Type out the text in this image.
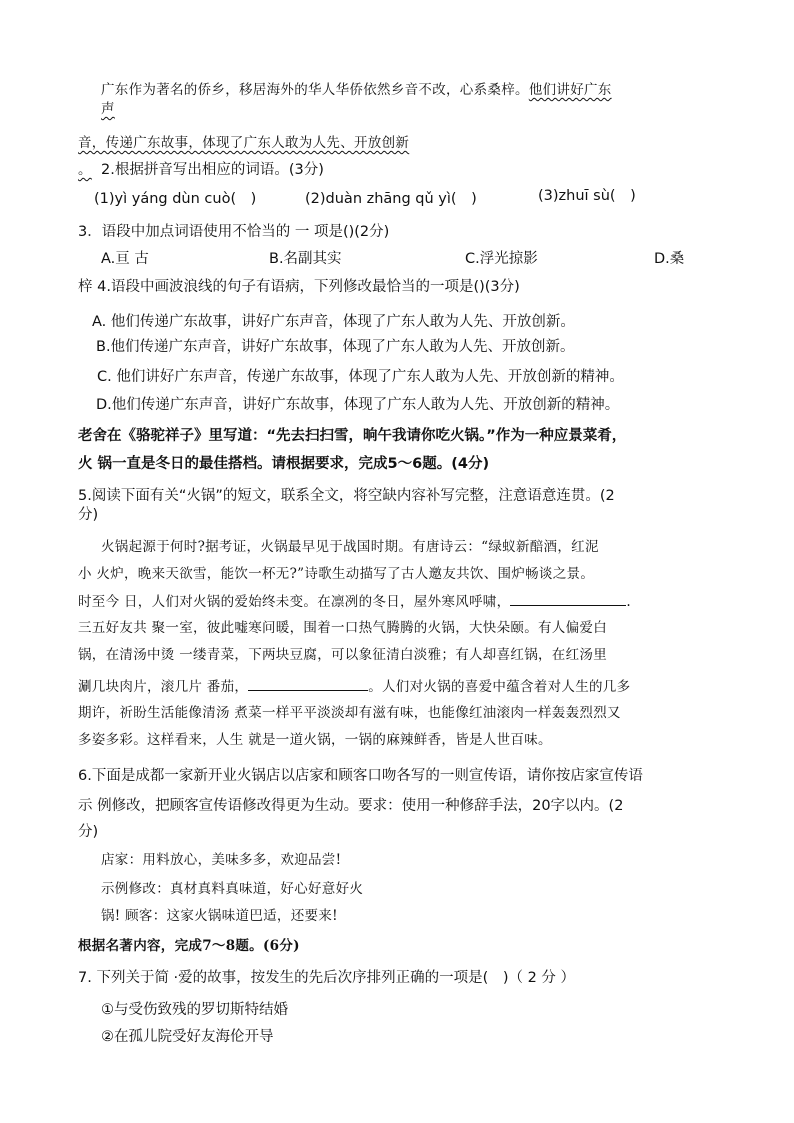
广东作为著名的侨乡，移居海外的华人华侨依然乡音不改，心系桑梓。他们讲好广东
声
音，传递广东故事，体现了广东人敢为人先、开放创新
。 2.根据拼音写出相应的词语。(3分)
(1)yì yáng dùn cuò(　)	(2)duàn zhāng qǔ yì(　)	(3)zhuī sù(　)
3．语段中加点词语使用不恰当的 一 项是()(2分)
A.亘 古	B.名副其实	C.浮光掠影	D.桑
梓 4.语段中画波浪线的句子有语病，下列修改最恰当的一项是()(3分)
A. 他们传递广东故事，讲好广东声音，体现了广东人敢为人先、开放创新。
B.他们传递广东声音，讲好广东故事，体现了广东人敢为人先、开放创新。
C. 他们讲好广东声音，传递广东故事，体现了广东人敢为人先、开放创新的精神。
D.他们传递广东声音，讲好广东故事，体现了广东人敢为人先、开放创新的精神。
老舍在《骆驼祥子》里写道：“先去扫扫雪，晌午我请你吃火锅。”作为一种应景菜肴，
火 锅一直是冬日的最佳搭档。请根据要求，完成5～6题。(4分)
5.阅读下面有关“火锅”的短文，联系全文，将空缺内容补写完整，注意语意连贯。(2
分)
火锅起源于何时?据考证，火锅最早见于战国时期。有唐诗云：“绿蚁新醅酒，红泥
小 火炉，晚来天欲雪，能饮一杯无?”诗歌生动描写了古人邀友共饮、围炉畅谈之景。
时至今 日，人们对火锅的爱始终未变。在凛冽的冬日，屋外寒风呼啸，	.
三五好友共 聚一室，彼此嘘寒问暖，围着一口热气腾腾的火锅，大快朵颐。有人偏爱白
锅，在清汤中烫 一缕青菜，下两块豆腐，可以象征清白淡雅；有人却喜红锅，在红汤里
涮几块肉片，滚几片 番茄，	。人们对火锅的喜爱中蕴含着对人生的几多
期许，祈盼生活能像清汤 煮菜一样平平淡淡却有滋有味，也能像红油滚肉一样轰轰烈烈又
多姿多彩。这样看来，人生 就是一道火锅，一锅的麻辣鲜香，皆是人世百味。
6.下面是成都一家新开业火锅店以店家和顾客口吻各写的一则宣传语，请你按店家宣传语
示 例修改，把顾客宣传语修改得更为生动。要求：使用一种修辞手法，20字以内。(2
分)
店家：用料放心，美味多多，欢迎品尝!
示例修改：真材真料真味道，好心好意好火
锅! 顾客：这家火锅味道巴适，还要来!
根据名著内容，完成7～8题。(6分)
7. 下列关于简 ·爱的故事，按发生的先后次序排列正确的一项是(　)（ 2 分 ）
①与受伤致残的罗切斯特结婚
②在孤儿院受好友海伦开导
